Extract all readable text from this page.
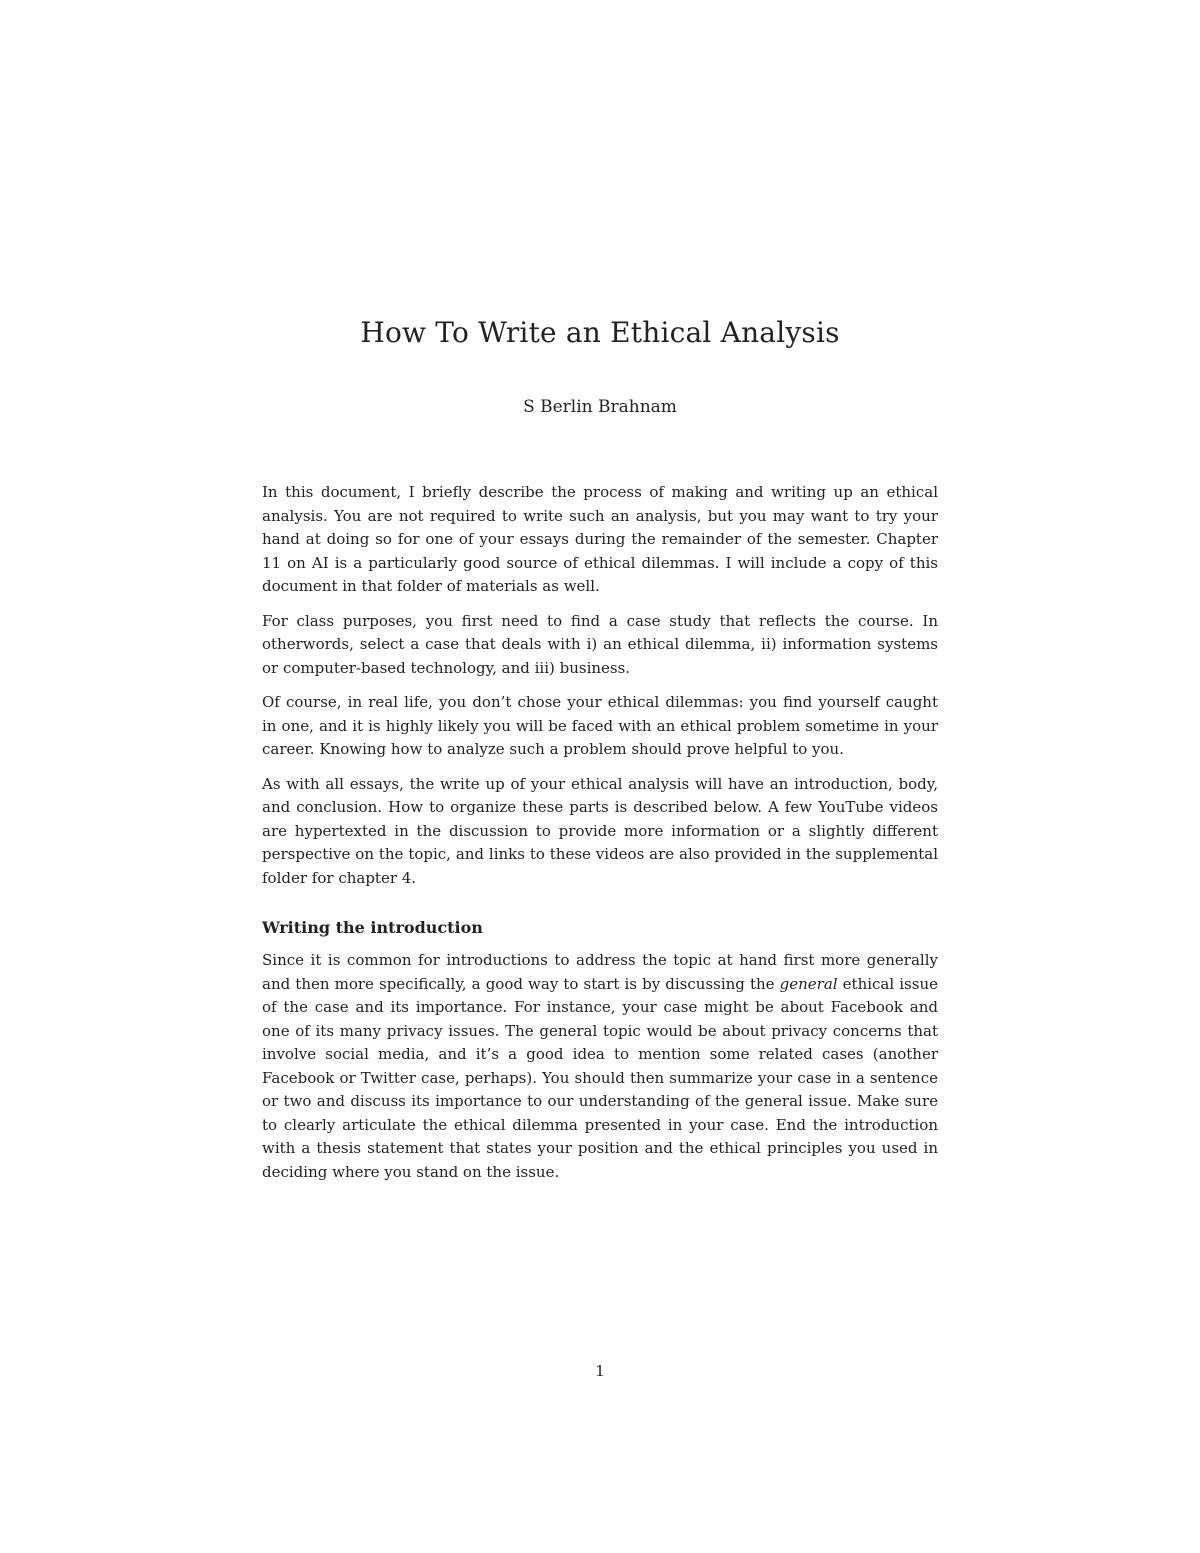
How To Write an Ethical Analysis

S Berlin Brahnam

In this document, I briefly describe the process of making and writing up an ethical analysis. You are not required to write such an analysis, but you may want to try your hand at doing so for one of your essays during the remainder of the semester. Chapter 11 on AI is a particularly good source of ethical dilemmas. I will include a copy of this document in that folder of materials as well.

For class purposes, you first need to find a case study that reflects the course. In otherwords, select a case that deals with i) an ethical dilemma, ii) information systems or computer-based technology, and iii) business.

Of course, in real life, you don’t chose your ethical dilemmas: you find yourself caught in one, and it is highly likely you will be faced with an ethical problem sometime in your career. Knowing how to analyze such a problem should prove helpful to you.

As with all essays, the write up of your ethical analysis will have an introduction, body, and conclusion. How to organize these parts is described below. A few YouTube videos are hypertexted in the discussion to provide more information or a slightly different perspective on the topic, and links to these videos are also provided in the supplemental folder for chapter 4.

Writing the introduction

Since it is common for introductions to address the topic at hand first more generally and then more specifically, a good way to start is by discussing the general ethical issue of the case and its importance. For instance, your case might be about Facebook and one of its many privacy issues. The general topic would be about privacy concerns that involve social media, and it’s a good idea to mention some related cases (another Facebook or Twitter case, perhaps). You should then summarize your case in a sentence or two and discuss its importance to our understanding of the general issue. Make sure to clearly articulate the ethical dilemma presented in your case. End the introduction with a thesis statement that states your position and the ethical principles you used in deciding where you stand on the issue.

1
